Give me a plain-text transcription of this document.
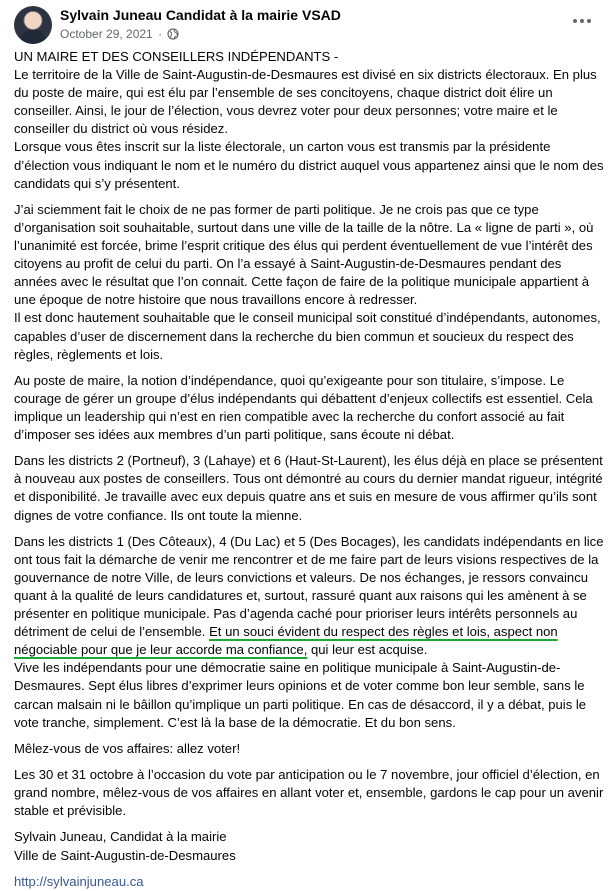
Sylvain Juneau Candidat à la mairie VSAD
October 29, 2021 ·

UN MAIRE ET DES CONSEILLERS INDÉPENDANTS -
Le territoire de la Ville de Saint-Augustin-de-Desmaures est divisé en six districts électoraux. En plus du poste de maire, qui est élu par l’ensemble de ses concitoyens, chaque district doit élire un conseiller. Ainsi, le jour de l’élection, vous devrez voter pour deux personnes; votre maire et le conseiller du district où vous résidez.
Lorsque vous êtes inscrit sur la liste électorale, un carton vous est transmis par la présidente d’élection vous indiquant le nom et le numéro du district auquel vous appartenez ainsi que le nom des candidats qui s’y présentent.

J’ai sciemment fait le choix de ne pas former de parti politique. Je ne crois pas que ce type d’organisation soit souhaitable, surtout dans une ville de la taille de la nôtre. La « ligne de parti », où l’unanimité est forcée, brime l’esprit critique des élus qui perdent éventuellement de vue l’intérêt des citoyens au profit de celui du parti. On l’a essayé à Saint-Augustin-de-Desmaures pendant des années avec le résultat que l’on connait. Cette façon de faire de la politique municipale appartient à une époque de notre histoire que nous travaillons encore à redresser.
Il est donc hautement souhaitable que le conseil municipal soit constitué d’indépendants, autonomes, capables d’user de discernement dans la recherche du bien commun et soucieux du respect des règles, règlements et lois.

Au poste de maire, la notion d’indépendance, quoi qu’exigeante pour son titulaire, s’impose. Le courage de gérer un groupe d’élus indépendants qui débattent d’enjeux collectifs est essentiel. Cela implique un leadership qui n’est en rien compatible avec la recherche du confort associé au fait d’imposer ses idées aux membres d’un parti politique, sans écoute ni débat.

Dans les districts 2 (Portneuf), 3 (Lahaye) et 6 (Haut-St-Laurent), les élus déjà en place se présentent à nouveau aux postes de conseillers. Tous ont démontré au cours du dernier mandat rigueur, intégrité et disponibilité. Je travaille avec eux depuis quatre ans et suis en mesure de vous affirmer qu’ils sont dignes de votre confiance. Ils ont toute la mienne.

Dans les districts 1 (Des Côteaux), 4 (Du Lac) et 5 (Des Bocages), les candidats indépendants en lice ont tous fait la démarche de venir me rencontrer et de me faire part de leurs visions respectives de la gouvernance de notre Ville, de leurs convictions et valeurs. De nos échanges, je ressors convaincu quant à la qualité de leurs candidatures et, surtout, rassuré quant aux raisons qui les amènent à se présenter en politique municipale. Pas d’agenda caché pour prioriser leurs intérêts personnels au détriment de celui de l’ensemble. Et un souci évident du respect des règles et lois, aspect non négociable pour que je leur accorde ma confiance, qui leur est acquise.
Vive les indépendants pour une démocratie saine en politique municipale à Saint-Augustin-de-Desmaures. Sept élus libres d’exprimer leurs opinions et de voter comme bon leur semble, sans le carcan malsain ni le bâillon qu’implique un parti politique. En cas de désaccord, il y a débat, puis le vote tranche, simplement. C’est là la base de la démocratie. Et du bon sens.

Mêlez-vous de vos affaires: allez voter!

Les 30 et 31 octobre à l’occasion du vote par anticipation ou le 7 novembre, jour officiel d’élection, en grand nombre, mêlez-vous de vos affaires en allant voter et, ensemble, gardons le cap pour un avenir stable et prévisible.

Sylvain Juneau, Candidat à la mairie
Ville de Saint-Augustin-de-Desmaures

http://sylvainjuneau.ca
